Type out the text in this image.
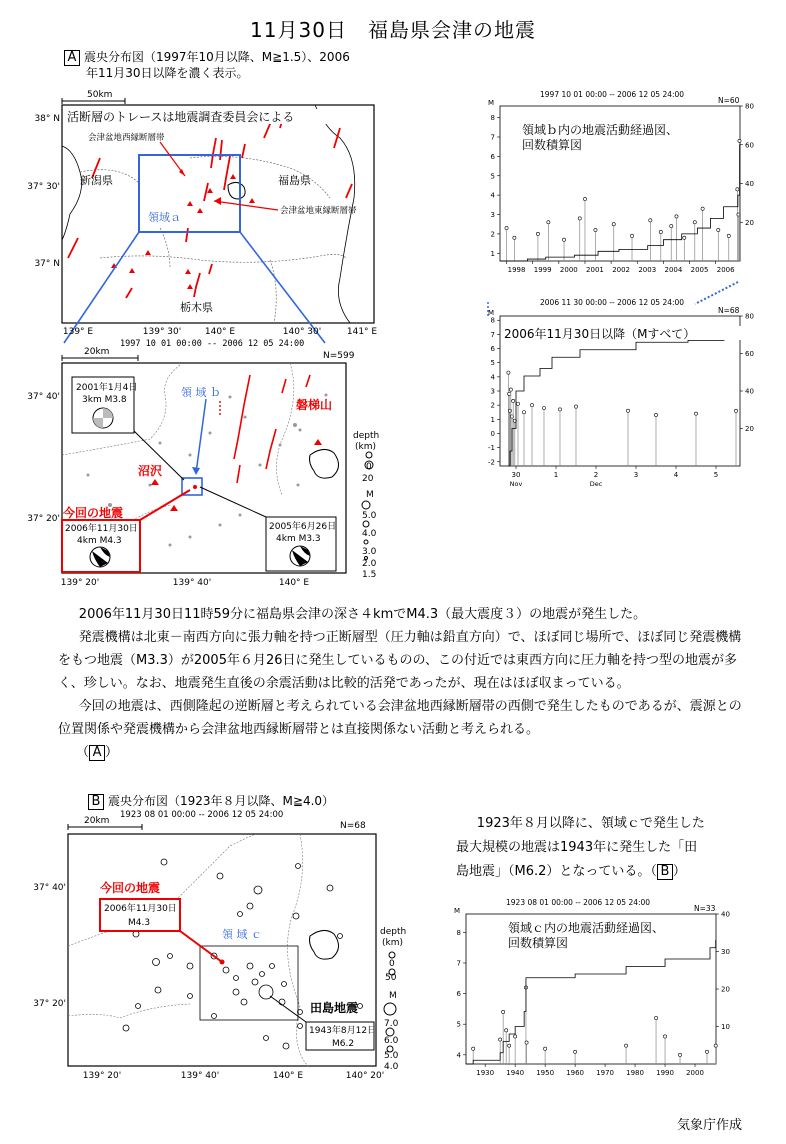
11月30日　福島県会津の地震
A 震央分布図（1997年10月以降、M≧1.5）、2006
年11月30日以降を濃く表示。
50km
領域ａ
活断層のトレースは地震調査委員会による
会津盆地西縁断層帯
会津盆地東縁断層帯
新潟県	福島県
栃木県
38° N
37° 30'
37° N
139° E	139° 30'	140° E	140° 30'	141° E
1997 10 01 00:00 -- 2006 12 05 24:00
N=599
20km
領 域 ｂ
磐梯山
沼沢
2001年1月4日
3km M3.8
今回の地震
2006年11月30日
4km M4.3
2005年6月26日
4km M3.3
depth
(km)
0
20
M
5.0
4.0
3.0
2.0
1.5
37° 40'
37° 20'
139° 20'	139° 40'	140° E
1997 10 01 00:00 -- 2006 12 05 24:00
N=60
M
1
2
3
4
5
6
7
8
20
40
60
80
1998 1999 2000 2001 2002 2003 2004 2005 2006
領域ｂ内の地震活動経過図、
回数積算図
2006 11 30 00:00 -- 2006 12 05 24:00
N=68
M
-2
-1
0
1
2
3
4
5
6
7
8
20
40
60
80
30	1	2	3	4	5
Nov	Dec
2006年11月30日以降（Mすべて）

2006年11月30日11時59分に福島県会津の深さ４kmでM4.3（最大震度３）の地震が発生した。

発震機構は北東－南西方向に張力軸を持つ正断層型（圧力軸は鉛直方向）で、ほぼ同じ場所で、ほぼ同じ発震機構をもつ地震（M3.3）が2005年６月26日に発生しているものの、この付近では東西方向に圧力軸を持つ型の地震が多く、珍しい。なお、地震発生直後の余震活動は比較的活発であったが、現在はほぼ収まっている。

今回の地震は、西側隆起の逆断層と考えられている会津盆地西縁断層帯の西側で発生したものであるが、震源との位置関係や発震機構から会津盆地西縁断層帯とは直接関係ない活動と考えられる。

（ A ）
B 震央分布図（1923年８月以降、M≧4.0）
1923 08 01 00:00 -- 2006 12 05 24:00
N=68
20km
今回の地震
2006年11月30日
M4.3
領 域 ｃ
田島地震
1943年8月12日
M6.2
depth
(km)
0
50
M
7.0
6.0
5.0
4.0
37° 40'
37° 20'
139° 20'	139° 40'	140° E	140° 20'
1923年８月以降に、領域ｃで発生した
最大規模の地震は1943年に発生した「田
島地震」（M6.2）となっている。（ B ）
1923 08 01 00:00 -- 2006 12 05 24:00
N=33
M
4
5
6
7
8
10
20
30
40
1930 1940 1950 1960 1970 1980 1990 2000
領域ｃ内の地震活動経過図、
回数積算図
気象庁作成
